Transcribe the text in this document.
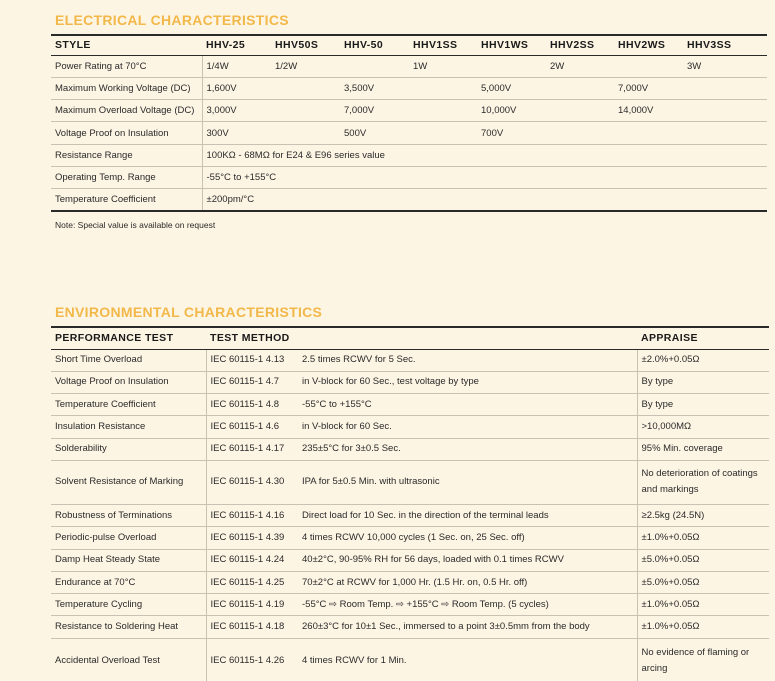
ELECTRICAL CHARACTERISTICS
STYLE	HHV-25	HHV50S	HHV-50	HHV1SS	HHV1WS	HHV2SS	HHV2WS	HHV3SS
Power Rating at 70°C	1/4W	1/2W		1W		2W		3W
Maximum Working Voltage (DC)	1,600V		3,500V		5,000V		7,000V	
Maximum Overload Voltage (DC)	3,000V		7,000V		10,000V		14,000V	
Voltage Proof on Insulation	300V		500V		700V			
Resistance Range	100KΩ - 68MΩ for E24 & E96 series value							
Operating Temp. Range	-55°C to +155°C							
Temperature Coefficient	±200pm/°C							
Note: Special value is available on request
ENVIRONMENTAL CHARACTERISTICS
PERFORMANCE TEST	TEST METHOD		APPRAISE
Short Time Overload	IEC 60115-1 4.13	2.5 times RCWV for 5 Sec.	±2.0%+0.05Ω
Voltage Proof on Insulation	IEC 60115-1 4.7	in V-block for 60 Sec., test voltage by type	By type
Temperature Coefficient	IEC 60115-1 4.8	-55°C to +155°C	By type
Insulation Resistance	IEC 60115-1 4.6	in V-block for 60 Sec.	>10,000MΩ
Solderability	IEC 60115-1 4.17	235±5°C for 3±0.5 Sec.	95% Min. coverage
Solvent Resistance of Marking	IEC 60115-1 4.30	IPA for 5±0.5 Min. with ultrasonic	No deterioration of coatings and markings
Robustness of Terminations	IEC 60115-1 4.16	Direct load for 10 Sec. in the direction of the terminal leads	≥2.5kg (24.5N)
Periodic-pulse Overload	IEC 60115-1 4.39	4 times RCWV 10,000 cycles (1 Sec. on, 25 Sec. off)	±1.0%+0.05Ω
Damp Heat Steady State	IEC 60115-1 4.24	40±2°C, 90-95% RH for 56 days, loaded with 0.1 times RCWV	±5.0%+0.05Ω
Endurance at 70°C	IEC 60115-1 4.25	70±2°C at RCWV for 1,000 Hr. (1.5 Hr. on, 0.5 Hr. off)	±5.0%+0.05Ω
Temperature Cycling	IEC 60115-1 4.19	-55°C ⇨ Room Temp. ⇨ +155°C ⇨ Room Temp. (5 cycles)	±1.0%+0.05Ω
Resistance to Soldering Heat	IEC 60115-1 4.18	260±3°C for 10±1 Sec., immersed to a point 3±0.5mm from the body	±1.0%+0.05Ω
Accidental Overload Test	IEC 60115-1 4.26	4 times RCWV for 1 Min.	No evidence of flaming or arcing
